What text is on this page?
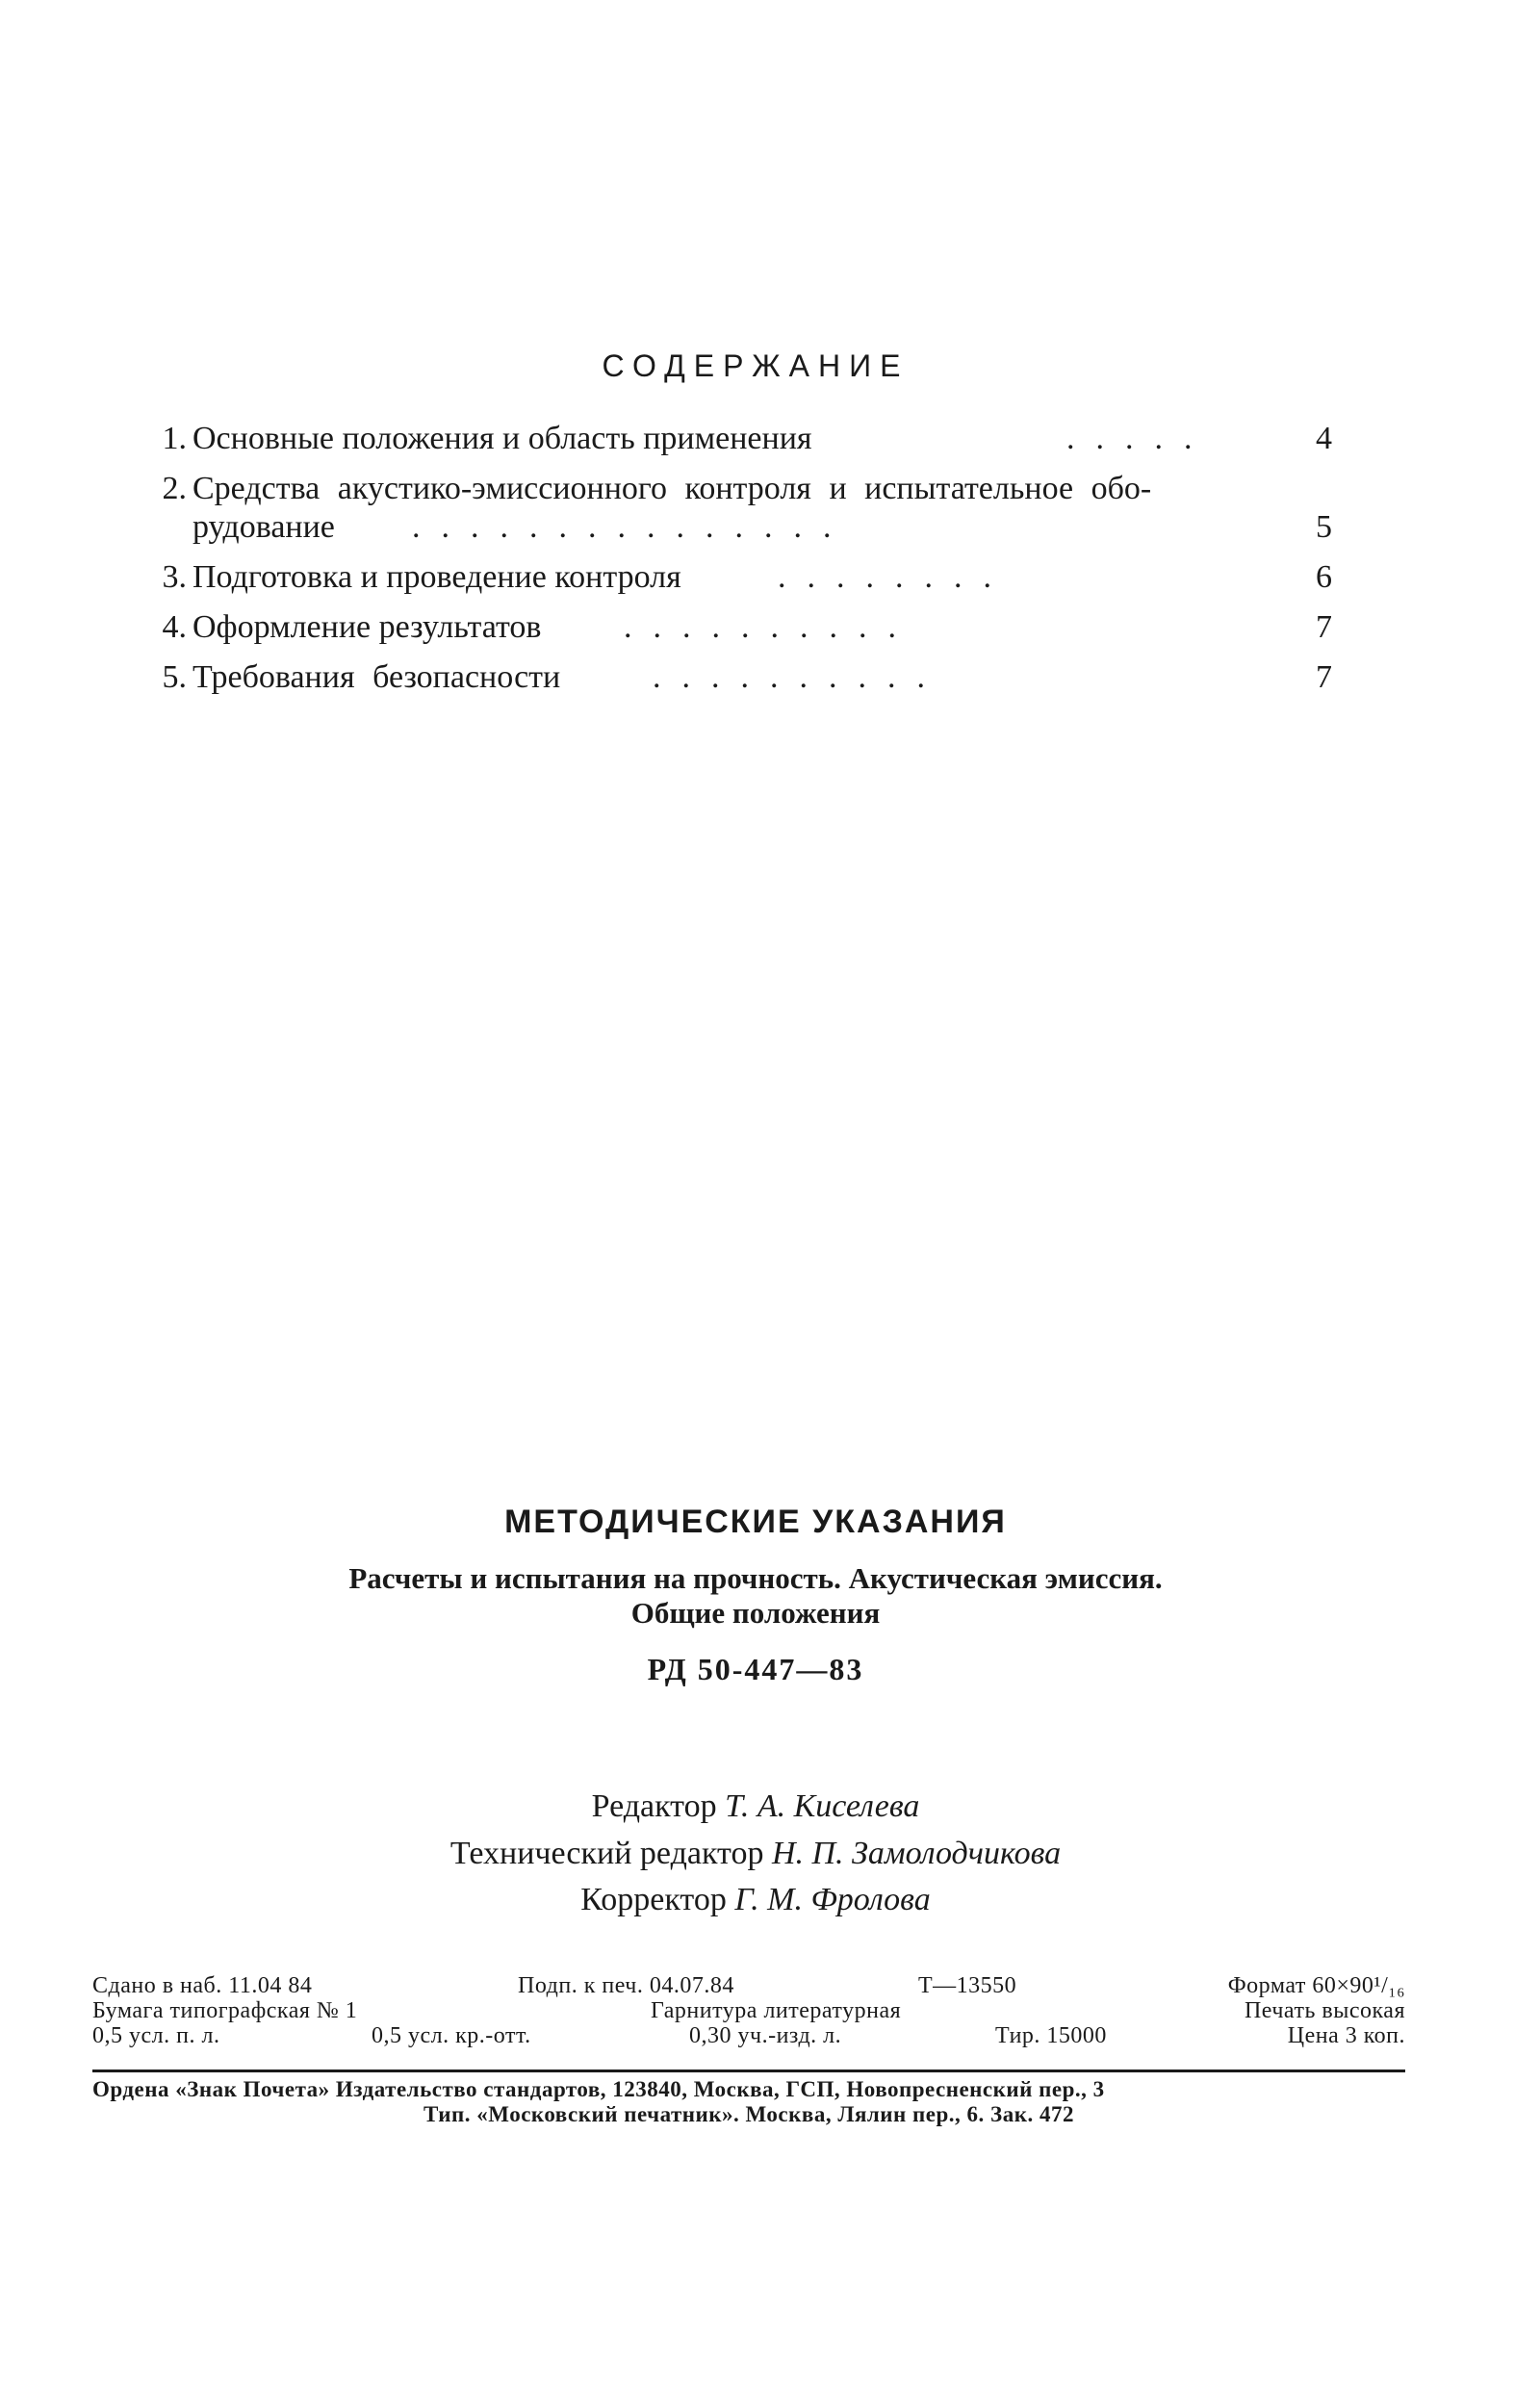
СОДЕРЖАНИЕ
1. Основные положения и область применения	.....	4
2. Средства акустико-эмиссионного контроля и испытательное обо-
рудование	...............	5
3. Подготовка и проведение контроля	........	6
4. Оформление результатов	..........	7
5. Требования безопасности	..........	7
МЕТОДИЧЕСКИЕ УКАЗАНИЯ
Расчеты и испытания на прочность. Акустическая эмиссия.
Общие положения
РД 50-447—83
Редактор Т. А. Киселева
Технический редактор Н. П. Замолодчикова
Корректор Г. М. Фролова
Сдано в наб. 11.04 84	Подп. к печ. 04.07.84	Т—13550	Формат 60×90¹/₁₆
Бумага типографская № 1	Гарнитура литературная	Печать высокая
0,5 усл. п. л.	0,5 усл. кр.-отт.	0,30 уч.-изд. л.	Тир. 15000	Цена 3 коп.
Ордена «Знак Почета» Издательство стандартов, 123840, Москва, ГСП, Новопресненский пер., 3
Тип. «Московский печатник». Москва, Лялин пер., 6. Зак. 472
